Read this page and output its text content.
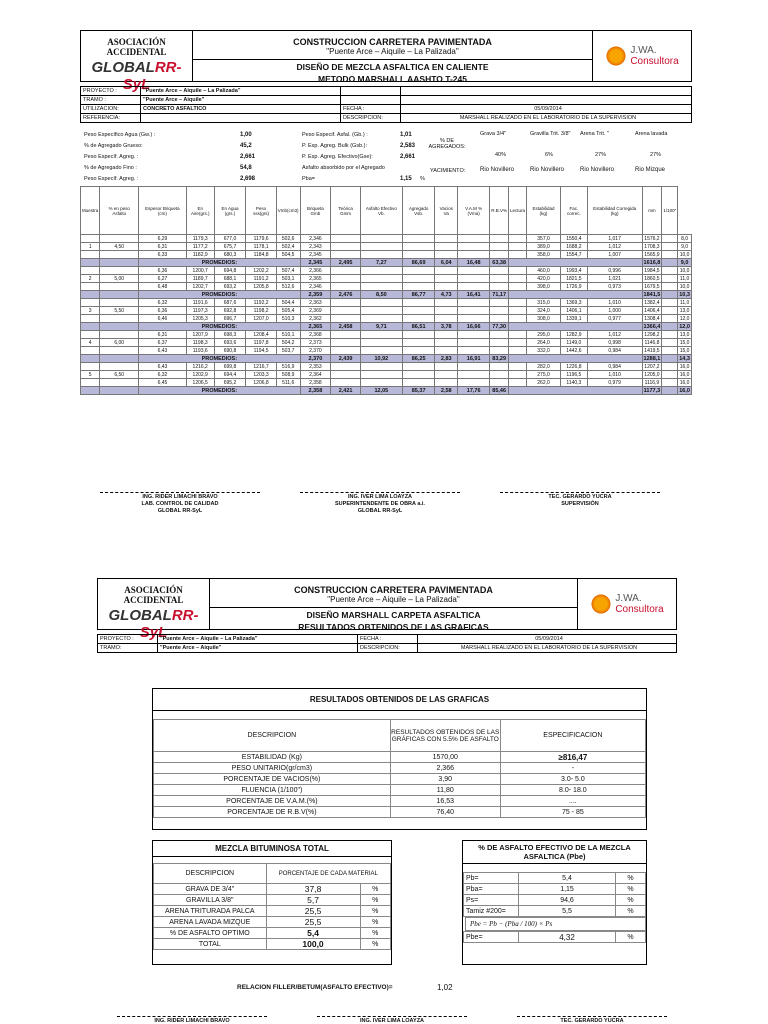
ASOCIACIÓN ACCIDENTAL
GLOBALRR- SyL
CONSTRUCCION CARRETERA PAVIMENTADA
"Puente Arce – Aiquile – La Palizada"
DISEÑO DE MEZCLA ASFALTICA EN CALIENTE
METODO MARSHALL AASHTO T-245
J.WA.
Consultora
PROYECTO :	"Puente Arce – Aiquile – La Palizada"
TRAMO :	"Puente Arce – Aiquile"
UTILIZACION:	CONCRETO ASFALTICO	FECHA :	05/09/2014
REFERENCIA:	DESCRIPCION:	MARSHALL REALIZADO EN EL LABORATORIO DE LA SUPERVISION
Peso Específico Agua (Gw.) :	1,00
% de Agregado Grueso:	45,2
Peso Específ. Agreg. :	2,661
% de Agregado Fino :	54,8
Peso Específ. Agreg. :	2,698
Peso Especif. Asfal. (Gb.) :	1,01
P. Esp. Agreg. Bulk (Gsb.):	2,583
P. Esp. Agreg. Efectivo(Gse):	2,661
Asfalto absorbido por el Agregado
Pba=	1,15 %
% DE AGREGADOS:
YACIMIENTO:
Grava 3/4"
40%
Rio Novillero
Gravilla Trit. 3/8"
6%
Rio Novillero
Arena Trit. "
27%
Rio Novillero
Arena lavada
27%
Rio Mizque
Muestra	% en peso Asfalto	Espesor Briqueta (cm)	En Aire(grs.)	En Agua (grs.)	Peso sss(grs)	Vmb(cm3)	Briqueta Gmb	Teórica Gmm	Asfalto Efectivo Vb.	Agregado Vsb.	Vacios Va	V.A.M %(Vma)	R.B.V%	Lectura	Estabilidad (kg)	Fac. correc.	Estabilidad Corregida (kg)	mm	1/100"	
		6,29	1179,3	677,0	1179,6	502,6	2,346								357,0	1550,4	1,017	1576,2		8,0
1	4,50	6,31	1177,2	675,7	1178,1	502,4	2,343								389,0	1688,2	1,012	1708,3		9,0
		6,33	1182,9	680,3	1184,8	504,5	2,345								358,0	1554,7	1,007	1565,9		10,0
		PROMEDIOS:					2,345	2,495	7,27	86,69	6,04	16,48	63,38					1616,8		9,0
		6,36	1200,7	694,8	1202,2	507,4	2,366								460,0	1993,4	0,996	1984,5		10,0
2	5,00	6,27	1189,7	688,1	1191,2	503,1	2,365								420,0	1821,5	1,021	1860,5		11,0
		6,48	1202,7	693,2	1205,8	512,6	2,346								398,0	1726,9	0,973	1679,5		10,0
		PROMEDIOS:					2,359	2,476	8,50	86,77	4,73	16,41	71,17					1841,5		10,3
		6,32	1191,6	687,6	1192,2	504,4	2,363								315,0	1369,3	1,010	1382,4		11,0
3	5,50	6,36	1197,3	692,8	1198,2	505,4	2,369								324,0	1406,1	1,000	1406,4		13,0
		6,46	1205,3	696,7	1207,0	510,3	2,362								308,0	1339,1	0,977	1308,4		12,0
		PROMEDIOS:					2,365	2,458	9,71	86,51	3,78	16,66	77,30					1366,4		12,0
		6,31	1207,9	698,3	1208,4	510,1	2,368								295,0	1282,9	1,012	1298,2		13,0
4	6,00	6,37	1198,3	693,6	1197,8	504,2	2,373								264,0	1149,0	0,998	1146,8		15,0
		6,43	1193,6	690,8	1194,5	503,7	2,370								332,0	1442,6	0,984	1419,5		15,0
		PROMEDIOS:					2,370	2,439	10,92	86,25	2,83	16,91	83,29					1288,1		14,3
		6,43	1216,2	699,8	1216,7	516,9	2,353								282,0	1226,8	0,984	1207,2		16,0
5	6,50	6,32	1202,9	694,4	1203,3	508,9	2,364								275,0	1196,5	1,010	1205,0		16,0
		6,45	1206,5	695,2	1206,8	511,6	2,358								262,0	1140,3	0,979	1116,9		16,0
		PROMEDIOS:					2,358	2,421	12,05	85,37	2,58	17,76	85,46					1177,3		16,0
ING. RIDER LIMACHI BRAVO
LAB. CONTROL DE CALIDAD
GLOBAL RR-SyL
ING. IVER LIMA LOAYZA
SUPERINTENDENTE DE OBRA a.i.
GLOBAL RR-SyL
TEC. GERARDO YUCRA
SUPERVISIÓN
ASOCIACIÓN ACCIDENTAL
GLOBALRR- SyL
CONSTRUCCION CARRETERA PAVIMENTADA
"Puente Arce – Aiquile – La Palizada"
DISEÑO MARSHALL CARPETA ASFALTICA
RESULTADOS OBTENIDOS DE LAS GRAFICAS
J.WA.
Consultora
PROYECTO :	"Puente Arce – Aiquile – La Palizada"	FECHA :	05/09/2014
TRAMO:	"Puente Arce – Aiquile"	DESCRIPCION:	MARSHALL REALIZADO EN EL LABORATORIO DE LA SUPERVISION
RESULTADOS OBTENIDOS DE LAS GRAFICAS
DESCRIPCION	RESULTADOS OBTENIDOS DE LAS GRÁFICAS CON 5.5% DE ASFALTO	ESPECIFICACION
ESTABILIDAD (Kg)	1570,00	≥816,47
PESO UNITARIO(gr/cm3)	2,366	-
PORCENTAJE DE VACIOS(%)	3,90	3.0- 5.0
FLUENCIA (1/100")	11,80	8.0- 18.0
PORCENTAJE DE V.A.M.(%)	16,53	....
PORCENTAJE DE R.B.V(%)	76,40	75 - 85
MEZCLA BITUMINOSA TOTAL
DESCRIPCION	PORCENTAJE DE CADA MATERIAL	
GRAVA DE 3/4"	37,8	%
GRAVILLA 3/8"	5,7	%
ARENA TRITURADA PALCA	25,5	%
ARENA LAVADA MIZQUE	25,5	%
% DE ASFALTO OPTIMO	5,4	%
TOTAL	100,0	%
% DE ASFALTO EFECTIVO DE LA MEZCLA ASFALTICA (Pbe)
Pb=	5,4	%
Pba=	1,15	%
Ps=	94,6	%
Tamiz #200=	5,5	%
Pbe = Pb − (Pba / 100) × Ps
Pbe=	4,32	%
RELACION FILLER/BETUM(ASFALTO EFECTIVO)=	1,02
ING. RIDER LIMACHI BRAVO	ING. IVER LIMA LOAYZA	TEC. GERARDO YUCRA
